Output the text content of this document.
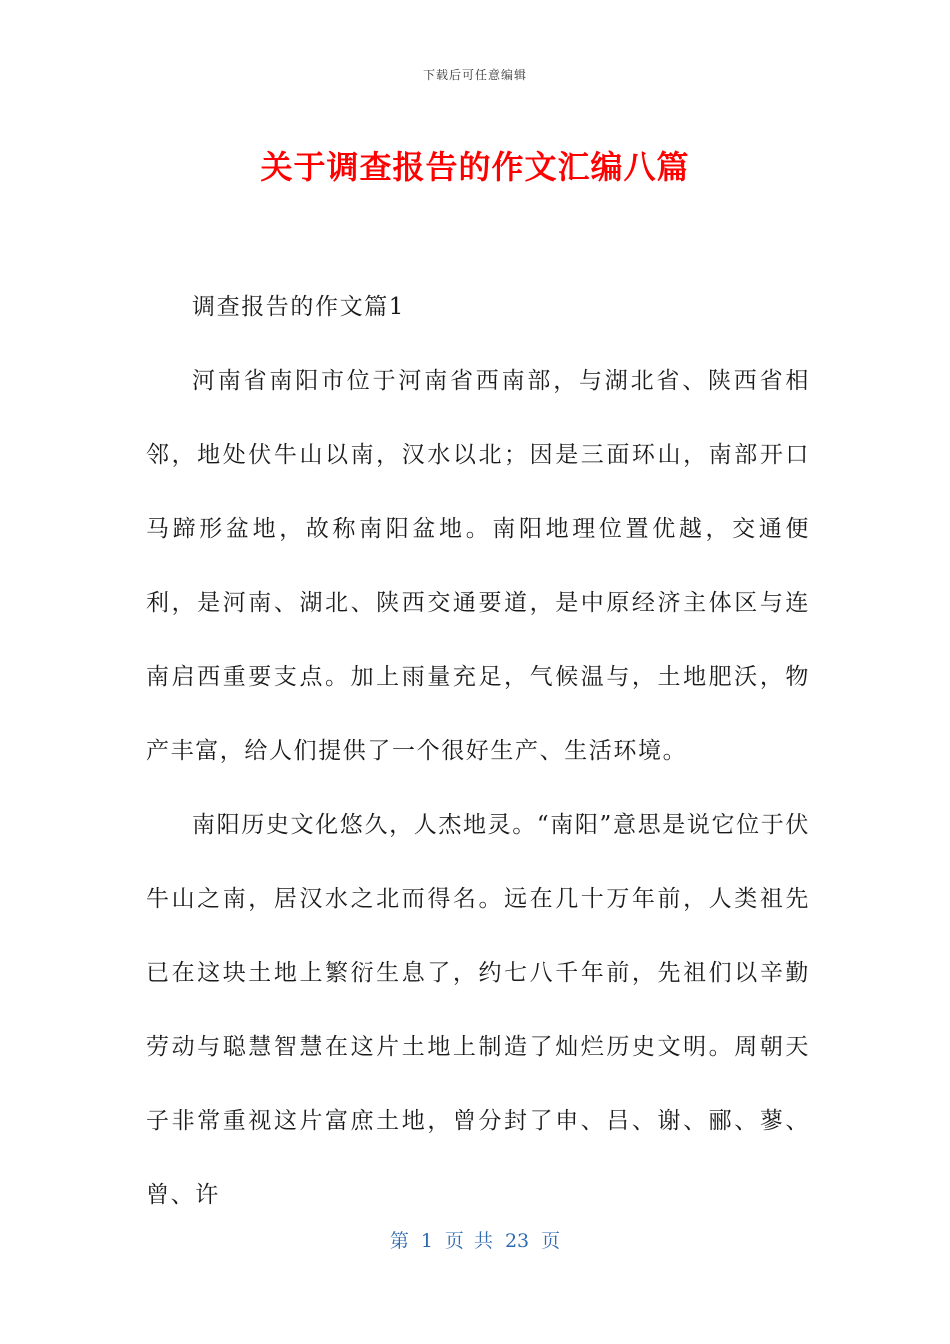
下载后可任意编辑
关于调查报告的作文汇编八篇

调查报告的作文篇1

河南省南阳市位于河南省西南部，与湖北省、陕西省相邻，地处伏牛山以南，汉水以北；因是三面环山，南部开口马蹄形盆地，故称南阳盆地。南阳地理位置优越，交通便利，是河南、湖北、陕西交通要道，是中原经济主体区与连南启西重要支点。加上雨量充足，气候温与，土地肥沃，物产丰富，给人们提供了一个很好生产、生活环境。

南阳历史文化悠久，人杰地灵。“南阳”意思是说它位于伏牛山之南，居汉水之北而得名。远在几十万年前，人类祖先已在这块土地上繁衍生息了，约七八千年前，先祖们以辛勤劳动与聪慧智慧在这片土地上制造了灿烂历史文明。周朝天子非常重视这片富庶土地，曾分封了申、吕、谢、郦、蓼、曾、许

第 1 页 共 23 页
